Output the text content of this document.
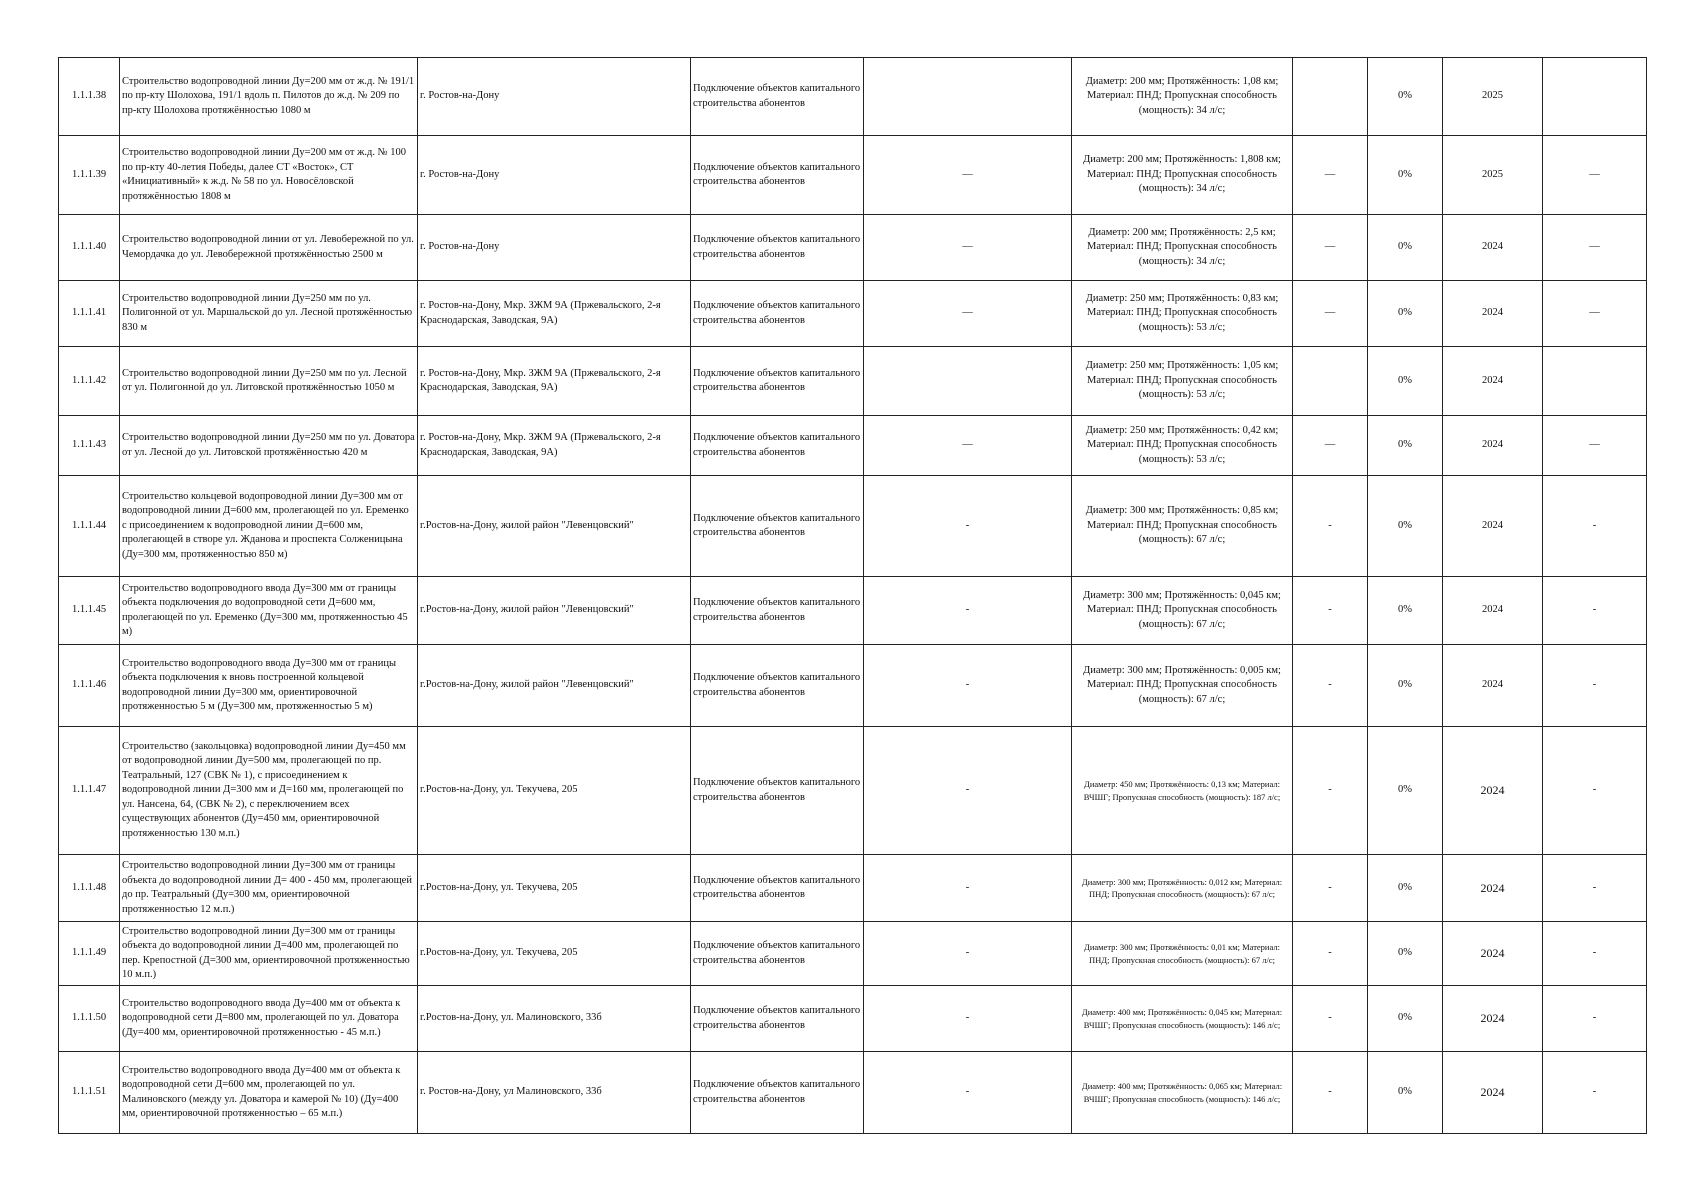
1.1.1.38	Строительство водопроводной линии Ду=200 мм от ж.д. № 191/1 по пр-кту Шолохова, 191/1 вдоль п. Пилотов до ж.д. № 209 по пр-кту Шолохова протяжённостью 1080 м	г. Ростов-на-Дону	Подключение объектов капитального строительства абонентов		Диаметр: 200 мм; Протяжённость: 1,08 км; Материал: ПНД; Пропускная способность (мощность): 34 л/с;		0%	2025	
1.1.1.39	Строительство водопроводной линии Ду=200 мм от ж.д. № 100 по пр-кту 40-летия Победы, далее СТ «Восток», СТ «Инициативный» к ж.д. № 58 по ул. Новосёловской протяжённостью 1808 м	г. Ростов-на-Дону	Подключение объектов капитального строительства абонентов	—	Диаметр: 200 мм; Протяжённость: 1,808 км; Материал: ПНД; Пропускная способность (мощность): 34 л/с;	—	0%	2025	—
1.1.1.40	Строительство водопроводной линии от ул. Левобережной по ул. Чемордачка до ул. Левобережной протяжённостью 2500 м	г. Ростов-на-Дону	Подключение объектов капитального строительства абонентов	—	Диаметр: 200 мм; Протяжённость: 2,5 км; Материал: ПНД; Пропускная способность (мощность): 34 л/с;	—	0%	2024	—
1.1.1.41	Строительство водопроводной линии Ду=250 мм по ул. Полигонной от ул. Маршальской до ул. Лесной протяжённостью 830 м	г. Ростов-на-Дону, Мкр. ЗЖМ 9А (Пржевальского, 2-я Краснодарская, Заводская, 9А)	Подключение объектов капитального строительства абонентов	—	Диаметр: 250 мм; Протяжённость: 0,83 км; Материал: ПНД; Пропускная способность (мощность): 53 л/с;	—	0%	2024	—
1.1.1.42	Строительство водопроводной линии Ду=250 мм по ул. Лесной от ул. Полигонной до ул. Литовской протяжённостью 1050 м	г. Ростов-на-Дону, Мкр. ЗЖМ 9А (Пржевальского, 2-я Краснодарская, Заводская, 9А)	Подключение объектов капитального строительства абонентов		Диаметр: 250 мм; Протяжённость: 1,05 км; Материал: ПНД; Пропускная способность (мощность): 53 л/с;		0%	2024	
1.1.1.43	Строительство водопроводной линии Ду=250 мм по ул. Доватора от ул. Лесной до ул. Литовской протяжённостью 420 м	г. Ростов-на-Дону, Мкр. ЗЖМ 9А (Пржевальского, 2-я Краснодарская, Заводская, 9А)	Подключение объектов капитального строительства абонентов	—	Диаметр: 250 мм; Протяжённость: 0,42 км; Материал: ПНД; Пропускная способность (мощность): 53 л/с;	—	0%	2024	—
1.1.1.44	Строительство кольцевой водопроводной линии Ду=300 мм от водопроводной линии Д=600 мм, пролегающей по ул. Еременко с присоединением к водопроводной линии Д=600 мм, пролегающей в створе ул. Жданова и проспекта Солженицына (Ду=300 мм, протяженностью 850 м)	г.Ростов-на-Дону, жилой район "Левенцовский"	Подключение объектов капитального строительства абонентов	-	Диаметр: 300 мм; Протяжённость: 0,85 км; Материал: ПНД; Пропускная способность (мощность): 67 л/с;	-	0%	2024	-
1.1.1.45	Строительство водопроводного ввода Ду=300 мм от границы объекта подключения до водопроводной сети Д=600 мм, пролегающей по ул. Еременко (Ду=300 мм, протяженностью 45 м)	г.Ростов-на-Дону, жилой район "Левенцовский"	Подключение объектов капитального строительства абонентов	-	Диаметр: 300 мм; Протяжённость: 0,045 км; Материал: ПНД; Пропускная способность (мощность): 67 л/с;	-	0%	2024	-
1.1.1.46	Строительство водопроводного ввода Ду=300 мм от границы объекта подключения к вновь построенной кольцевой водопроводной линии Ду=300 мм, ориентировочной протяженностью 5 м (Ду=300 мм, протяженностью 5 м)	г.Ростов-на-Дону, жилой район "Левенцовский"	Подключение объектов капитального строительства абонентов	-	Диаметр: 300 мм; Протяжённость: 0,005 км; Материал: ПНД; Пропускная способность (мощность): 67 л/с;	-	0%	2024	-
1.1.1.47	Строительство (закольцовка) водопроводной линии Ду=450 мм от водопроводной линии Ду=500 мм, пролегающей по пр. Театральный, 127 (СВК № 1), с присоединением к водопроводной линии Д=300 мм и Д=160 мм, пролегающей по ул. Нансена, 64, (СВК № 2), с переключением всех существующих абонентов (Ду=450 мм, ориентировочной протяженностью 130 м.п.)	г.Ростов-на-Дону, ул. Текучева, 205	Подключение объектов капитального строительства абонентов	-	Диаметр: 450 мм; Протяжённость: 0,13 км; Материал: ВЧШГ; Пропускная способность (мощность): 187 л/с;	-	0%	2024	-
1.1.1.48	Строительство водопроводной линии Ду=300 мм от границы объекта до водопроводной линии Д= 400 - 450 мм, пролегающей до пр. Театральный (Ду=300 мм, ориентировочной протяженностью 12 м.п.)	г.Ростов-на-Дону, ул. Текучева, 205	Подключение объектов капитального строительства абонентов	-	Диаметр: 300 мм; Протяжённость: 0,012 км; Материал: ПНД; Пропускная способность (мощность): 67 л/с;	-	0%	2024	-
1.1.1.49	Строительство водопроводной линии Ду=300 мм от границы объекта до водопроводной линии Д=400 мм, пролегающей по пер. Крепостной (Д=300 мм, ориентировочной протяженностью 10 м.п.)	г.Ростов-на-Дону, ул. Текучева, 205	Подключение объектов капитального строительства абонентов	-	Диаметр: 300 мм; Протяжённость: 0,01 км; Материал: ПНД; Пропускная способность (мощность): 67 л/с;	-	0%	2024	-
1.1.1.50	Строительство водопроводного ввода Ду=400 мм от объекта к водопроводной сети Д=800 мм, пролегающей по ул. Доватора (Ду=400 мм, ориентировочной протяженностью - 45 м.п.)	г.Ростов-на-Дону, ул. Малиновского, 33б	Подключение объектов капитального строительства абонентов	-	Диаметр: 400 мм; Протяжённость: 0,045 км; Материал: ВЧШГ; Пропускная способность (мощность): 146 л/с;	-	0%	2024	-
1.1.1.51	Строительство водопроводного ввода Ду=400 мм от объекта к водопроводной сети Д=600 мм, пролегающей по ул. Малиновского (между ул. Доватора и камерой № 10) (Ду=400 мм, ориентировочной протяженностью – 65 м.п.)	г. Ростов-на-Дону, ул Малиновского, 33б	Подключение объектов капитального строительства абонентов	-	Диаметр: 400 мм; Протяжённость: 0,065 км; Материал: ВЧШГ; Пропускная способность (мощность): 146 л/с;	-	0%	2024	-
